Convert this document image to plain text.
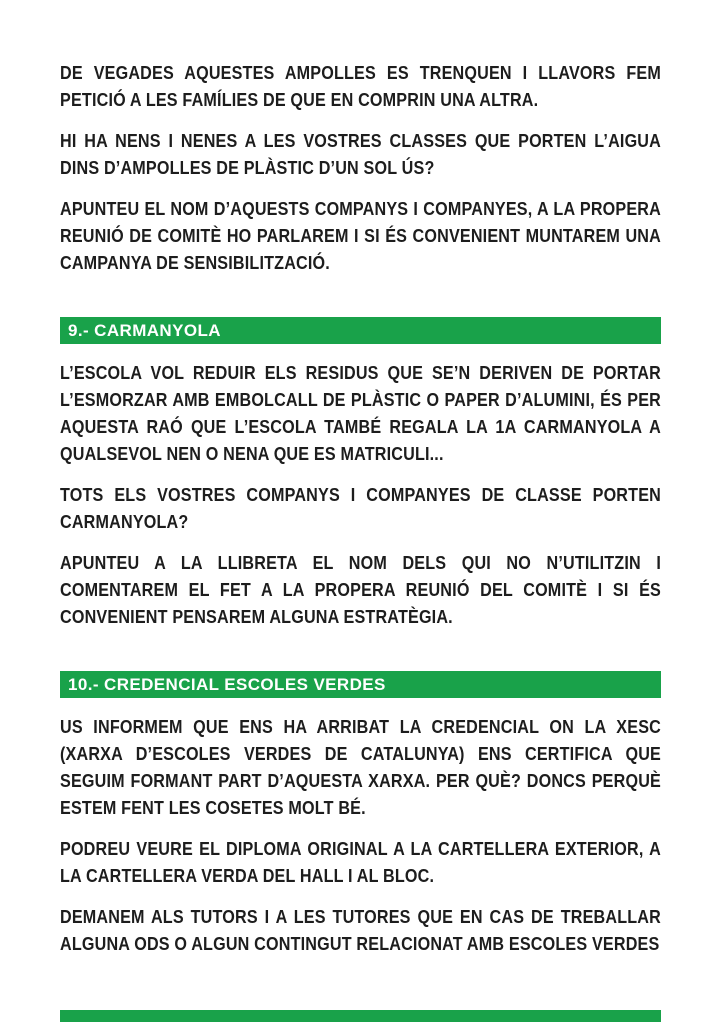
DE VEGADES AQUESTES AMPOLLES ES TRENQUEN I LLAVORS FEM PETICIÓ A LES FAMÍLIES DE QUE EN COMPRIN UNA ALTRA.

HI HA NENS I NENES A LES VOSTRES CLASSES QUE PORTEN L’AIGUA DINS D’AMPOLLES DE PLÀSTIC D’UN SOL ÚS?

APUNTEU EL NOM D’AQUESTS COMPANYS I COMPANYES, A LA PROPERA REUNIÓ DE COMITÈ HO PARLAREM I SI ÉS CONVENIENT MUNTAREM UNA CAMPANYA DE SENSIBILITZACIÓ.

9.- CARMANYOLA

L’ESCOLA VOL REDUIR ELS RESIDUS QUE SE’N DERIVEN DE PORTAR L’ESMORZAR AMB EMBOLCALL DE PLÀSTIC O PAPER D’ALUMINI, ÉS PER AQUESTA RAÓ QUE L’ESCOLA TAMBÉ REGALA LA 1A CARMANYOLA A QUALSEVOL NEN O NENA QUE ES MATRICULI...

TOTS ELS VOSTRES COMPANYS I COMPANYES DE CLASSE PORTEN CARMANYOLA?

APUNTEU A LA LLIBRETA EL NOM DELS QUI NO N’UTILITZIN I COMENTAREM EL FET A LA PROPERA REUNIÓ DEL COMITÈ I SI ÉS CONVENIENT PENSAREM ALGUNA ESTRATÈGIA.

10.- CREDENCIAL ESCOLES VERDES

US INFORMEM QUE ENS HA ARRIBAT LA CREDENCIAL ON LA XESC (XARXA D’ESCOLES VERDES DE CATALUNYA) ENS CERTIFICA QUE SEGUIM FORMANT PART D’AQUESTA XARXA. PER QUÈ? DONCS PERQUÈ ESTEM FENT LES COSETES MOLT BÉ.

PODREU VEURE EL DIPLOMA ORIGINAL A LA CARTELLERA EXTERIOR, A LA CARTELLERA VERDA DEL HALL I AL BLOC.

DEMANEM ALS TUTORS I A LES TUTORES QUE EN CAS DE TREBALLAR ALGUNA ODS O ALGUN CONTINGUT RELACIONAT AMB ESCOLES VERDES
